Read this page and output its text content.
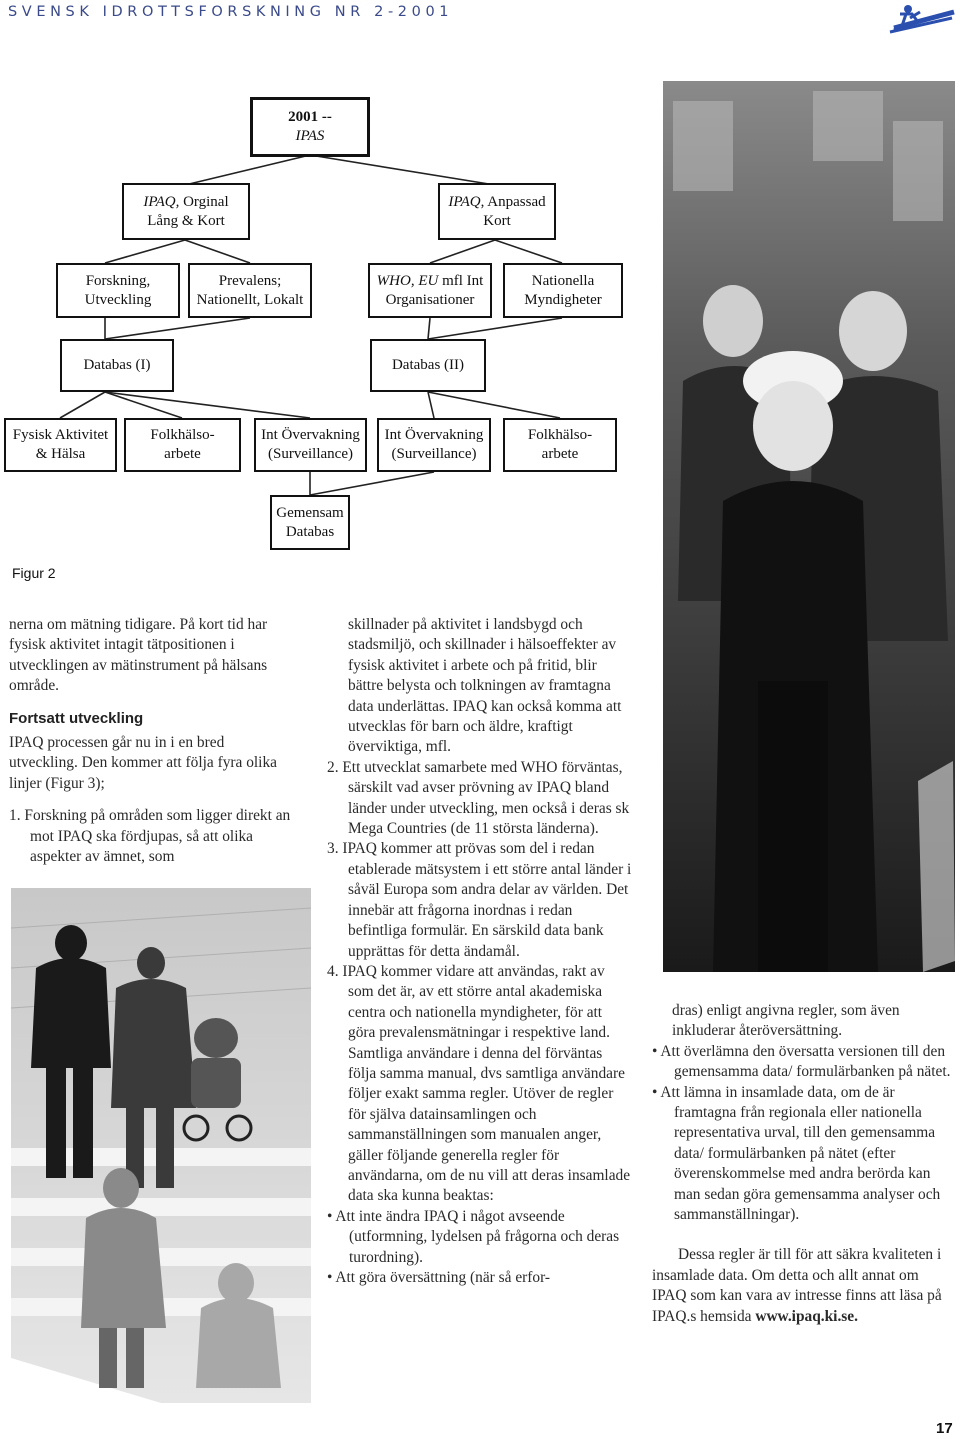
SVENSK IDROTTSFORSKNING NR 2-2001
2001 --
IPAS
IPAQ, Orginal
Lång & Kort
IPAQ, Anpassad
Kort
Forskning,
Utveckling
Prevalens;
Nationellt, Lokalt
WHO, EU mfl Int
Organisationer
Nationella
Myndigheter
Databas (I)	Databas (II)
Fysisk Aktivitet
& Hälsa
Folkhälso-
arbete
Int Övervakning
(Surveillance)
Int Övervakning
(Surveillance)
Folkhälso-
arbete
Gemensam
Databas
Figur 2

nerna om mätning tidigare. På kort tid har fysisk aktivitet intagit tätpositionen i utvecklingen av mätinstrument på hälsans område.

Fortsatt utveckling

IPAQ processen går nu in i en bred utveckling. Den kommer att följa fyra olika linjer (Figur 3);

1. Forskning på områden som ligger direkt an mot IPAQ ska fördjupas, så att olika aspekter av ämnet, som

skillnader på aktivitet i landsbygd och stadsmiljö, och skillnader i hälsoeffekter av fysisk aktivitet i arbete och på fritid, blir bättre belysta och tolkningen av framtagna data underlättas. IPAQ kan också komma att utvecklas för barn och äldre, kraftigt överviktiga, mfl.

2. Ett utvecklat samarbete med WHO förväntas, särskilt vad avser prövning av IPAQ bland länder under utveckling, men också i deras sk Mega Countries (de 11 största länderna).

3. IPAQ kommer att prövas som del i redan etablerade mätsystem i ett större antal länder i såväl Europa som andra delar av världen. Det innebär att frågorna inordnas i redan befintliga formulär. En särskild data bank upprättas för detta ändamål.

4. IPAQ kommer vidare att användas, rakt av som det är, av ett större antal akademiska centra och nationella myndigheter, för att göra prevalensmätningar i respektive land. Samtliga användare i denna del förväntas följa samma manual, dvs samtliga användare följer exakt samma regler. Utöver de regler för själva datainsamlingen och sammanställningen som manualen anger, gäller följande generella regler för användarna, om de nu vill att deras insamlade data ska kunna beaktas:

• Att inte ändra IPAQ i något avseende (utformning, lydelsen på frågorna och deras turordning).

• Att göra översättning (när så erfor-

dras) enligt angivna regler, som även inkluderar återöversättning.

• Att överlämna den översatta versionen till den gemensamma data/ formulärbanken på nätet.

• Att lämna in insamlade data, om de är framtagna från regionala eller nationella representativa urval, till den gemensamma data/ formulärbanken på nätet (efter överenskommelse med andra berörda kan man sedan göra gemensamma analyser och sammanställningar).

Dessa regler är till för att säkra kvaliteten i insamlade data. Om detta och allt annat om IPAQ som kan vara av intresse finns att läsa på IPAQ.s hemsida www.ipaq.ki.se.

17
